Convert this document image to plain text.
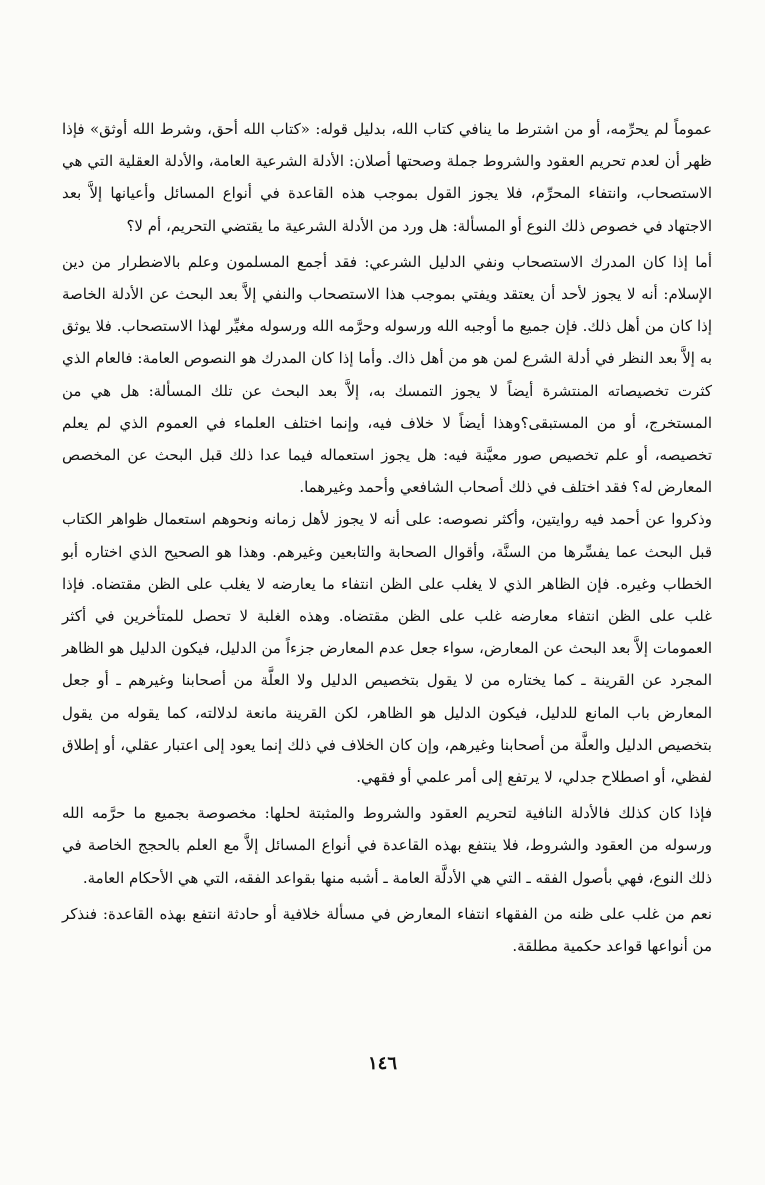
عموماً لم يحرِّمه، أو من اشترط ما ينافي كتاب الله، بدليل قوله: «كتاب الله أحق، وشرط الله أوثق» فإذا ظهر أن لعدم تحريم العقود والشروط جملة وصحتها أصلان: الأدلة الشرعية العامة، والأدلة العقلية التي هي الاستصحاب، وانتفاء المحرِّم، فلا يجوز القول بموجب هذه القاعدة في أنواع المسائل وأعيانها إلاَّ بعد الاجتهاد في خصوص ذلك النوع أو المسألة: هل ورد من الأدلة الشرعية ما يقتضي التحريم، أم لا؟

أما إذا كان المدرك الاستصحاب ونفي الدليل الشرعي: فقد أجمع المسلمون وعلم بالاضطرار من دين الإسلام: أنه لا يجوز لأحد أن يعتقد ويفتي بموجب هذا الاستصحاب والنفي إلاَّ بعد البحث عن الأدلة الخاصة إذا كان من أهل ذلك. فإن جميع ما أوجبه الله ورسوله وحرَّمه الله ورسوله مغيِّر لهذا الاستصحاب. فلا يوثق به إلاَّ بعد النظر في أدلة الشرع لمن هو من أهل ذاك. وأما إذا كان المدرك هو النصوص العامة: فالعام الذي كثرت تخصيصاته المنتشرة أيضاً لا يجوز التمسك به، إلاَّ بعد البحث عن تلك المسألة: هل هي من المستخرج، أو من المستبقى؟وهذا أيضاً لا خلاف فيه، وإنما اختلف العلماء في العموم الذي لم يعلم تخصيصه، أو علم تخصيص صور معيَّنة فيه: هل يجوز استعماله فيما عدا ذلك قبل البحث عن المخصص المعارض له؟ فقد اختلف في ذلك أصحاب الشافعي وأحمد وغيرهما.

وذكروا عن أحمد فيه روايتين، وأكثر نصوصه: على أنه لا يجوز لأهل زمانه ونحوهم استعمال ظواهر الكتاب قبل البحث عما يفسِّرها من السنَّة، وأقوال الصحابة والتابعين وغيرهم. وهذا هو الصحيح الذي اختاره أبو الخطاب وغيره. فإن الظاهر الذي لا يغلب على الظن انتفاء ما يعارضه لا يغلب على الظن مقتضاه. فإذا غلب على الظن انتفاء معارضه غلب على الظن مقتضاه. وهذه الغلبة لا تحصل للمتأخرين في أكثر العمومات إلاَّ بعد البحث عن المعارض، سواء جعل عدم المعارض جزءاً من الدليل، فيكون الدليل هو الظاهر المجرد عن القرينة ـ كما يختاره من لا يقول بتخصيص الدليل ولا العلَّة من أصحابنا وغيرهم ـ أو جعل المعارض باب المانع للدليل، فيكون الدليل هو الظاهر، لكن القرينة مانعة لدلالته، كما يقوله من يقول بتخصيص الدليل والعلَّة من أصحابنا وغيرهم، وإن كان الخلاف في ذلك إنما يعود إلى اعتبار عقلي، أو إطلاق لفظي، أو اصطلاح جدلي، لا يرتفع إلى أمر علمي أو فقهي.

فإذا كان كذلك فالأدلة النافية لتحريم العقود والشروط والمثبتة لحلها: مخصوصة بجميع ما حرَّمه الله ورسوله من العقود والشروط، فلا ينتفع بهذه القاعدة في أنواع المسائل إلاَّ مع العلم بالحجج الخاصة في ذلك النوع، فهي بأصول الفقه ـ التي هي الأدلَّة العامة ـ أشبه منها بقواعد الفقه، التي هي الأحكام العامة.

نعم من غلب على ظنه من الفقهاء انتفاء المعارض في مسألة خلافية أو حادثة انتفع بهذه القاعدة: فنذكر من أنواعها قواعد حكمية مطلقة.

١٤٦
